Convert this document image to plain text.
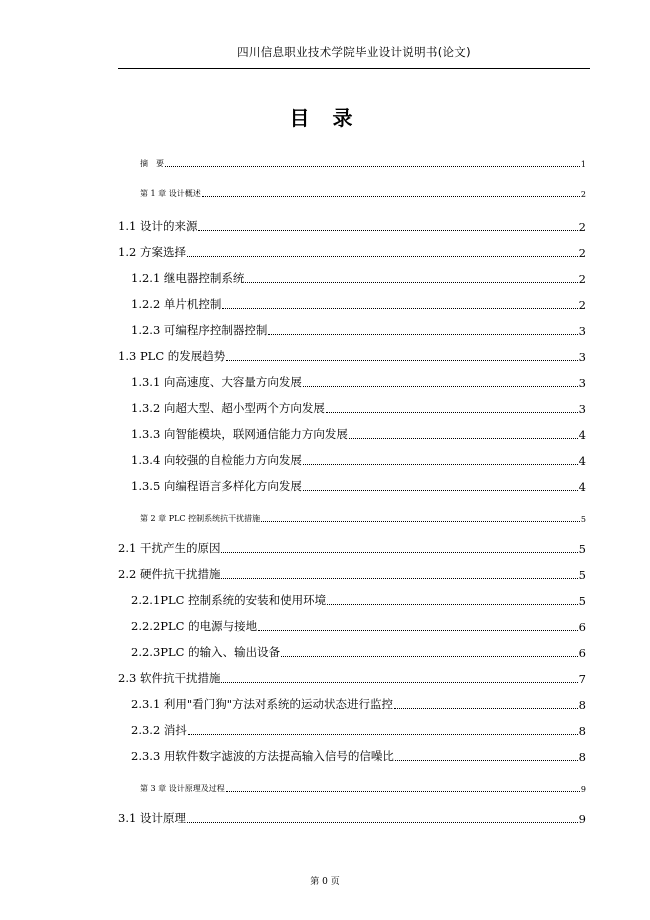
四川信息职业技术学院毕业设计说明书(论文)
目 录
摘　要	1
第 1 章 设计概述	2
1.1 设计的来源	2
1.2 方案选择	2
1.2.1 继电器控制系统	2
1.2.2 单片机控制	2
1.2.3 可编程序控制器控制	3
1.3 PLC 的发展趋势	3
1.3.1 向高速度、大容量方向发展	3
1.3.2 向超大型、超小型两个方向发展	3
1.3.3 向智能模块，联网通信能力方向发展	4
1.3.4 向较强的自检能力方向发展	4
1.3.5 向编程语言多样化方向发展	4
第 2 章 PLC 控制系统抗干扰措施	5
2.1 干扰产生的原因	5
2.2 硬件抗干扰措施	5
2.2.1PLC 控制系统的安装和使用环境	5
2.2.2PLC 的电源与接地	6
2.2.3PLC 的输入、输出设备	6
2.3 软件抗干扰措施	7
2.3.1 利用"看门狗"方法对系统的运动状态进行监控	8
2.3.2 消抖	8
2.3.3 用软件数字滤波的方法提高输入信号的信噪比	8
第 3 章 设计原理及过程	9
3.1 设计原理	9
第 0 页
